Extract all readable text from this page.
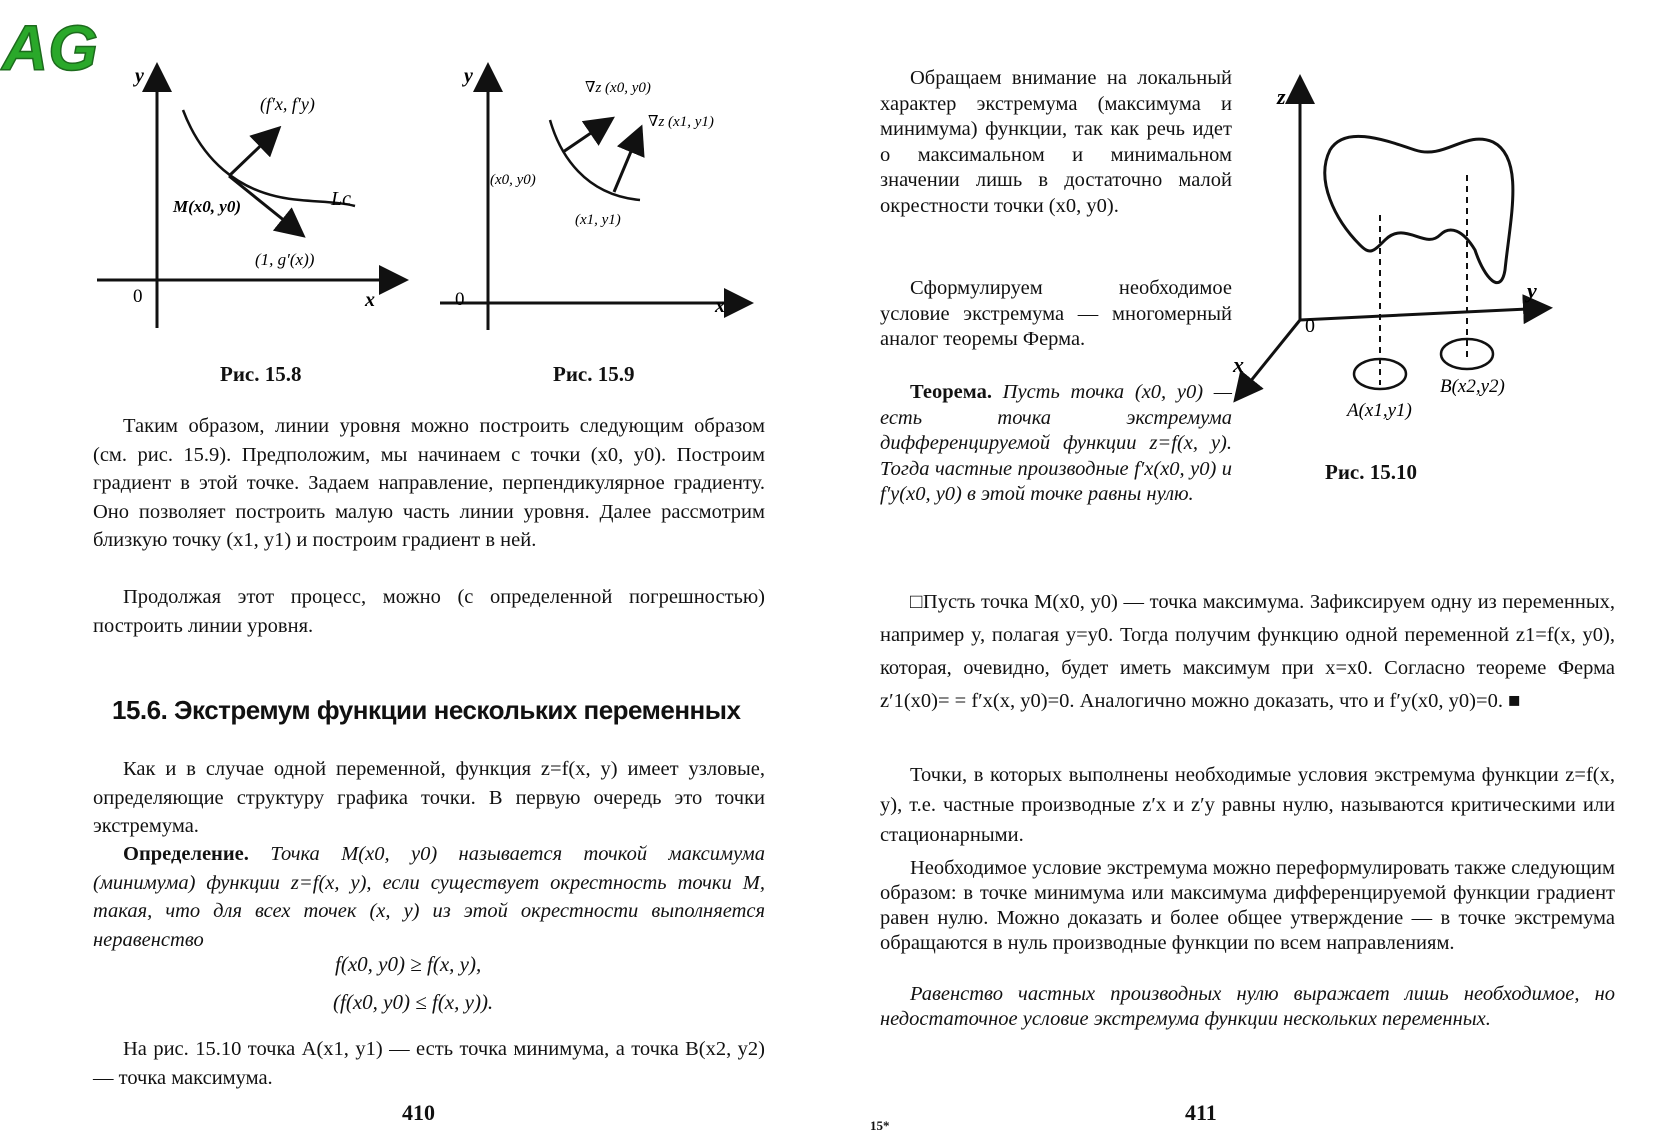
AG y
x
0
(f′x, f′y)
M(x0, y0)	Lc
(1, g′(x))
Рис. 15.8
y
x
0
∇z (x0, y0)
∇z (x1, y1)
(x0, y0)
(x1, y1)
Рис. 15.9

Таким образом, линии уровня можно построить следующим образом (см. рис. 15.9). Предположим, мы начинаем с точки (x0, y0). Построим градиент в этой точке. Задаем направление, перпендикулярное градиенту. Оно позволяет построить малую часть линии уровня. Далее рассмотрим близкую точку (x1, y1) и построим градиент в ней.

Продолжая этот процесс, можно (с определенной погрешностью) построить линии уровня.

15.6. Экстремум функции нескольких переменных

Как и в случае одной переменной, функция z=f(x, y) имеет узловые, определяющие структуру графика точки. В первую очередь это точки экстремума.

Определение. Точка M(x0, y0) называется точкой максимума (минимума) функции z=f(x, y), если существует окрестность точки M, такая, что для всех точек (x, y) из этой окрестности выполняется неравенство

f(x0, y0) ≥ f(x, y),
(f(x0, y0) ≤ f(x, y)).

На рис. 15.10 точка A(x1, y1) — есть точка минимума, а точка B(x2, y2) — точка максимума.

410

Обращаем внимание на локальный характер экстремума (максимума и минимума) функции, так как речь идет о максимальном и минимальном значении лишь в достаточно малой окрестности точки (x0, y0).

Сформулируем необходимое условие экстремума — многомерный аналог теоремы Ферма.

Теорема. Пусть точка (x0, y0) — есть точка экстремума дифференцируемой функции z=f(x, y). Тогда частные производные f′x(x0, y0) и f′y(x0, y0) в этой точке равны нулю.

z
y
x
0
A(x1,y1)
B(x2,y2)
Рис. 15.10

□Пусть точка M(x0, y0) — точка максимума. Зафиксируем одну из переменных, например y, полагая y=y0. Тогда получим функцию одной переменной z1=f(x, y0), которая, очевидно, будет иметь максимум при x=x0. Согласно теореме Ферма z′1(x0)= = f′x(x, y0)=0. Аналогично можно доказать, что и f′y(x0, y0)=0. ■

Точки, в которых выполнены необходимые условия экстремума функции z=f(x, y), т.е. частные производные z′x и z′y равны нулю, называются критическими или стационарными.

Необходимое условие экстремума можно переформулировать также следующим образом: в точке минимума или максимума дифференцируемой функции градиент равен нулю. Можно доказать и более общее утверждение — в точке экстремума обращаются в нуль производные функции по всем направлениям.

Равенство частных производных нулю выражает лишь необходимое, но недостаточное условие экстремума функции нескольких переменных.

15*
411
